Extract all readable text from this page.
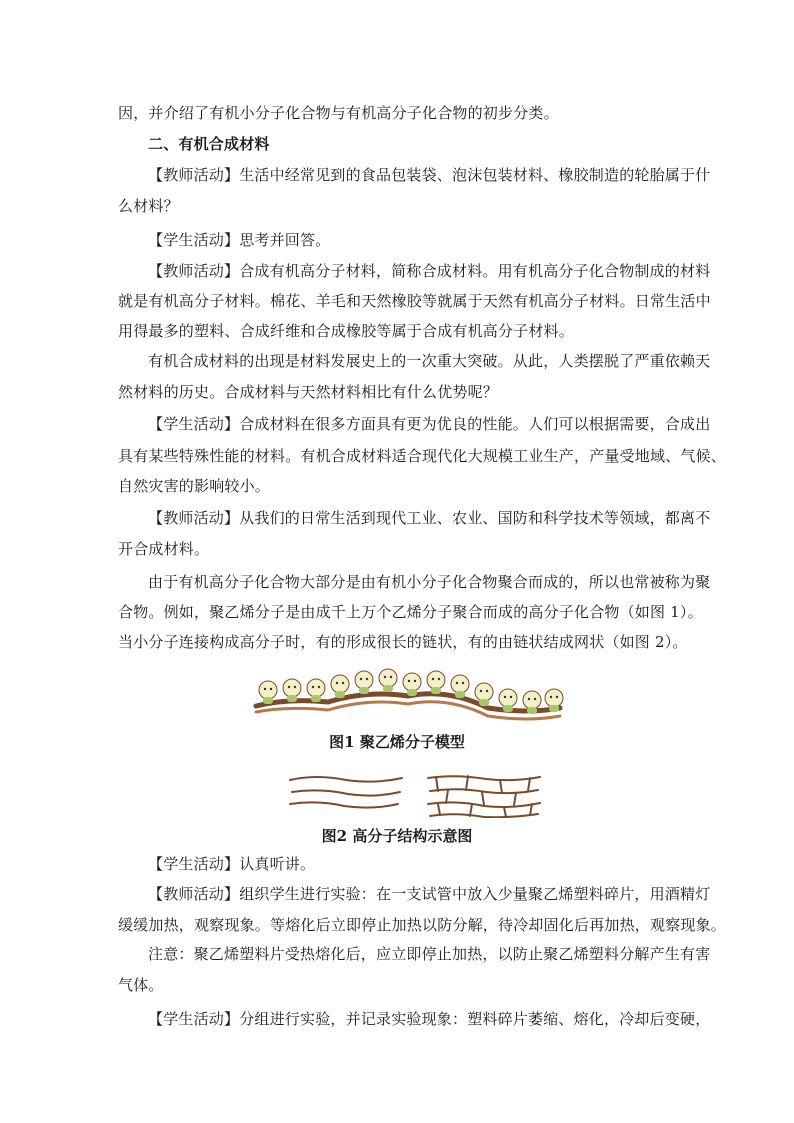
因，并介绍了有机小分子化合物与有机高分子化合物的初步分类。
二、有机合成材料
【教师活动】生活中经常见到的食品包装袋、泡沫包装材料、橡胶制造的轮胎属于什
么材料？
【学生活动】思考并回答。
【教师活动】合成有机高分子材料，简称合成材料。用有机高分子化合物制成的材料
就是有机高分子材料。棉花、羊毛和天然橡胶等就属于天然有机高分子材料。日常生活中
用得最多的塑料、合成纤维和合成橡胶等属于合成有机高分子材料。
有机合成材料的出现是材料发展史上的一次重大突破。从此，人类摆脱了严重依赖天
然材料的历史。合成材料与天然材料相比有什么优势呢？
【学生活动】合成材料在很多方面具有更为优良的性能。人们可以根据需要，合成出
具有某些特殊性能的材料。有机合成材料适合现代化大规模工业生产，产量受地域、气候、
自然灾害的影响较小。
【教师活动】从我们的日常生活到现代工业、农业、国防和科学技术等领域，都离不
开合成材料。
由于有机高分子化合物大部分是由有机小分子化合物聚合而成的，所以也常被称为聚
合物。例如，聚乙烯分子是由成千上万个乙烯分子聚合而成的高分子化合物（如图 1）。
当小分子连接构成高分子时，有的形成很长的链状，有的由链状结成网状（如图 2）。
图1 聚乙烯分子模型
图2 高分子结构示意图
【学生活动】认真听讲。
【教师活动】组织学生进行实验：在一支试管中放入少量聚乙烯塑料碎片，用酒精灯
缓缓加热，观察现象。等熔化后立即停止加热以防分解，待冷却固化后再加热，观察现象。
注意：聚乙烯塑料片受热熔化后，应立即停止加热，以防止聚乙烯塑料分解产生有害
气体。
【学生活动】分组进行实验，并记录实验现象：塑料碎片萎缩、熔化，冷却后变硬，
